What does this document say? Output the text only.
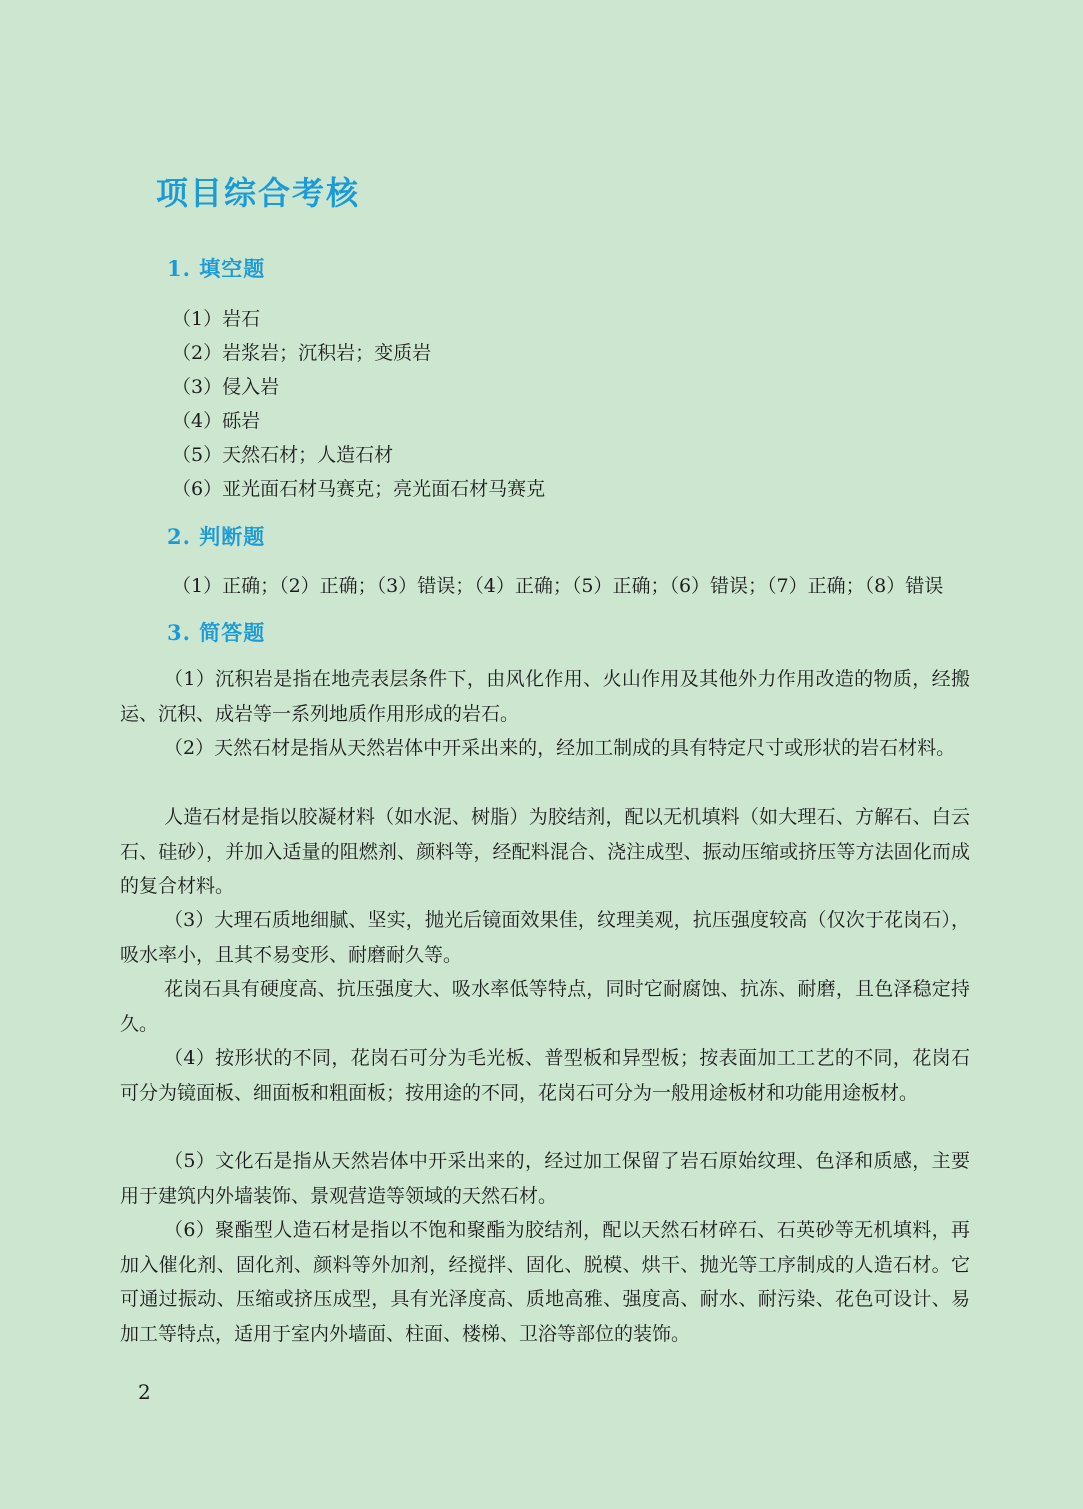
项目综合考核
1. 填空题

（1）岩石

（2）岩浆岩；沉积岩；变质岩

（3）侵入岩

（4）砾岩

（5）天然石材；人造石材

（6）亚光面石材马赛克；亮光面石材马赛克

2. 判断题

（1）正确；（2）正确；（3）错误；（4）正确；（5）正确；（6）错误；（7）正确；（8）错误

3. 简答题

（1）沉积岩是指在地壳表层条件下，由风化作用、火山作用及其他外力作用改造的物质，经搬运、沉积、成岩等一系列地质作用形成的岩石。

（2）天然石材是指从天然岩体中开采出来的，经加工制成的具有特定尺寸或形状的岩石材料。

人造石材是指以胶凝材料（如水泥、树脂）为胶结剂，配以无机填料（如大理石、方解石、白云石、硅砂），并加入适量的阻燃剂、颜料等，经配料混合、浇注成型、振动压缩或挤压等方法固化而成的复合材料。

（3）大理石质地细腻、坚实，抛光后镜面效果佳，纹理美观，抗压强度较高（仅次于花岗石），吸水率小，且其不易变形、耐磨耐久等。

花岗石具有硬度高、抗压强度大、吸水率低等特点，同时它耐腐蚀、抗冻、耐磨，且色泽稳定持久。

（4）按形状的不同，花岗石可分为毛光板、普型板和异型板；按表面加工工艺的不同，花岗石可分为镜面板、细面板和粗面板；按用途的不同，花岗石可分为一般用途板材和功能用途板材。

（5）文化石是指从天然岩体中开采出来的，经过加工保留了岩石原始纹理、色泽和质感，主要用于建筑内外墙装饰、景观营造等领域的天然石材。

（6）聚酯型人造石材是指以不饱和聚酯为胶结剂，配以天然石材碎石、石英砂等无机填料，再加入催化剂、固化剂、颜料等外加剂，经搅拌、固化、脱模、烘干、抛光等工序制成的人造石材。它可通过振动、压缩或挤压成型，具有光泽度高、质地高雅、强度高、耐水、耐污染、花色可设计、易加工等特点，适用于室内外墙面、柱面、楼梯、卫浴等部位的装饰。

2
